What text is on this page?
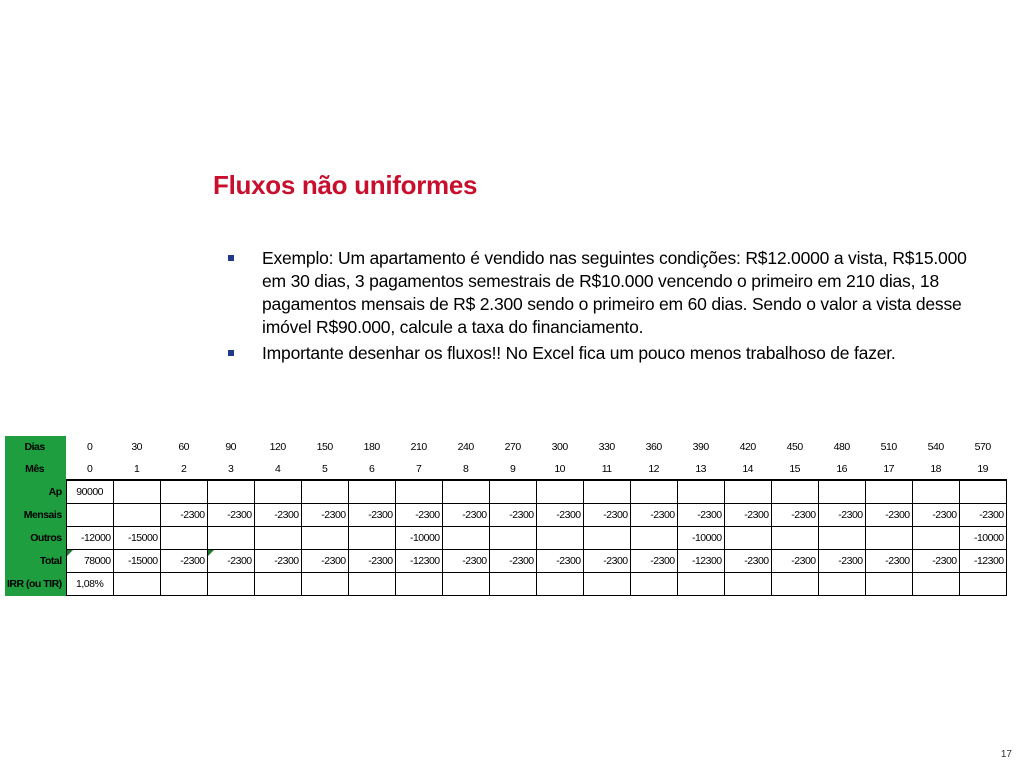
Fluxos não uniformes
Exemplo: Um apartamento é vendido nas seguintes condições: R$12.0000 a vista, R$15.000 em 30 dias, 3 pagamentos semestrais de R$10.000 vencendo o primeiro em 210 dias, 18 pagamentos mensais de R$ 2.300 sendo o primeiro em 60 dias. Sendo o valor a vista desse imóvel R$90.000, calcule a taxa do financiamento.
Importante desenhar os fluxos!! No Excel fica um pouco menos trabalhoso de fazer.
Dias	0	30	60	90	120	150	180	210	240	270	300	330	360	390	420	450	480	510	540	570
Mês	0	1	2	3	4	5	6	7	8	9	10	11	12	13	14	15	16	17	18	19
Ap	90000																			
Mensais			-2300	-2300	-2300	-2300	-2300	-2300	-2300	-2300	-2300	-2300	-2300	-2300	-2300	-2300	-2300	-2300	-2300	-2300
Outros	-12000	-15000						-10000						-10000						-10000
Total	78000	-15000	-2300	-2300	-2300	-2300	-2300	-12300	-2300	-2300	-2300	-2300	-2300	-12300	-2300	-2300	-2300	-2300	-2300	-12300
IRR (ou TIR)	1,08%																			
17
